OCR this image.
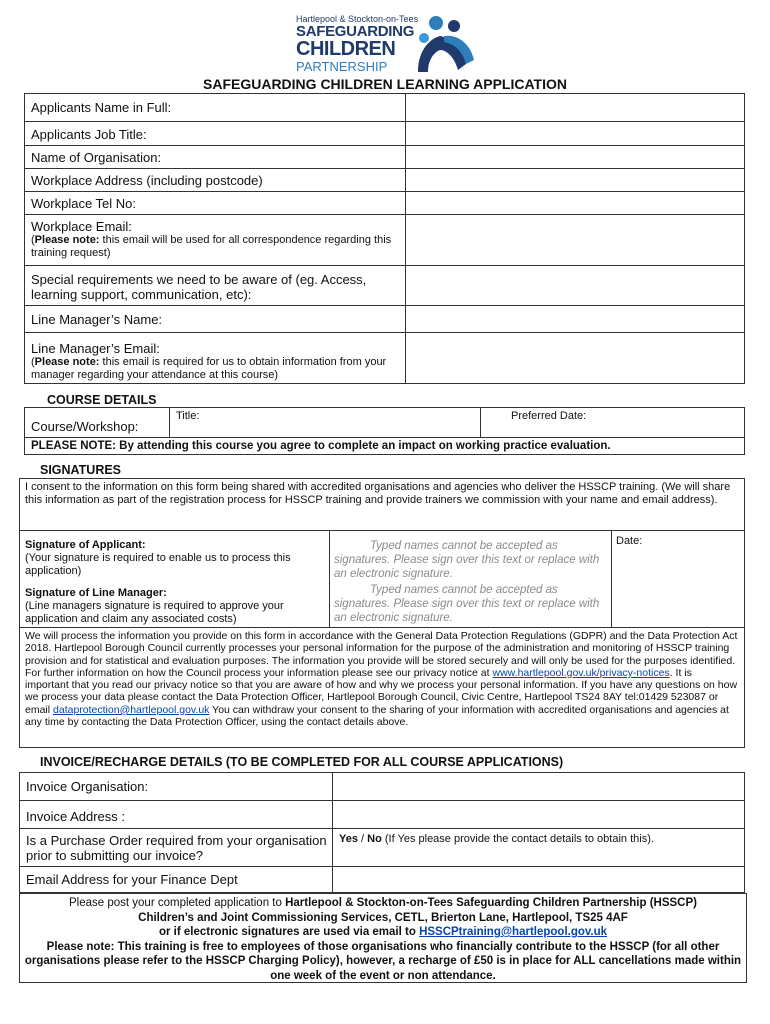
Hartlepool & Stockton-on-Tees
SAFEGUARDING
CHILDREN
PARTNERSHIP
SAFEGUARDING CHILDREN LEARNING APPLICATION
Applicants Name in Full:	
Applicants Job Title:	
Name of Organisation:	
Workplace Address (including postcode)	
Workplace Tel No:	

Workplace Email:
(Please note: this email will be used for all correspondence regarding this training request)	

Special requirements we need to be aware of (eg. Access, learning support, communication, etc):	
Line Manager’s Name:	

Line Manager’s Email:
(Please note: this email is required for us to obtain information from your manager regarding your attendance at this course)	

COURSE DETAILS
Course/Workshop:	Title:	Preferred Date:
PLEASE NOTE: By attending this course you agree to complete an impact on working practice evaluation.
SIGNATURES
I consent to the information on this form being shared with accredited organisations and agencies who deliver the HSSCP training. (We will share this information as part of the registration process for HSSCP training and provide trainers we commission with your name and email address).		
Signature of Applicant:
(Your signature is required to enable us to process this application)	Typed names cannot be accepted as signatures. Please sign over this text or replace with an electronic signature.	Date:
Signature of Line Manager:
(Line managers signature is required to approve your application and claim any associated costs)	Typed names cannot be accepted as signatures. Please sign over this text or replace with an electronic signature.	

We will process the information you provide on this form in accordance with the General Data Protection Regulations (GDPR) and the Data Protection Act 2018. Hartlepool Borough Council currently processes your personal information for the purpose of the administration and monitoring of HSSCP training provision and for statistical and evaluation purposes. The information you provide will be stored securely and will only be used for the purposes identified. For further information on how the Council process your information please see our privacy notice at www.hartlepool.gov.uk/privacy-notices. It is important that you read our privacy notice so that you are aware of how and why we process your personal information. If you have any questions on how we process your data please contact the Data Protection Officer, Hartlepool Borough Council, Civic Centre, Hartlepool TS24 8AY tel:01429 523087 or email dataprotection@hartlepool.gov.uk You can withdraw your consent to the sharing of your information with accredited organisations and agencies at any time by contacting the Data Protection Officer, using the contact details above.		
INVOICE/RECHARGE DETAILS (TO BE COMPLETED FOR ALL COURSE APPLICATIONS)
Invoice Organisation:	
Invoice Address :	
Is a Purchase Order required from your organisation prior to submitting our invoice?	Yes / No (If Yes please provide the contact details to obtain this).
Email Address for your Finance Dept	
Please post your completed application to Hartlepool & Stockton-on-Tees Safeguarding Children Partnership (HSSCP)
Children’s and Joint Commissioning Services, CETL, Brierton Lane, Hartlepool, TS25 4AF
or if electronic signatures are used via email to HSSCPtraining@hartlepool.gov.uk
Please note: This training is free to employees of those organisations who financially contribute to the HSSCP (for all other organisations please refer to the HSSCP Charging Policy), however, a recharge of £50 is in place for ALL cancellations made within one week of the event or non attendance.
